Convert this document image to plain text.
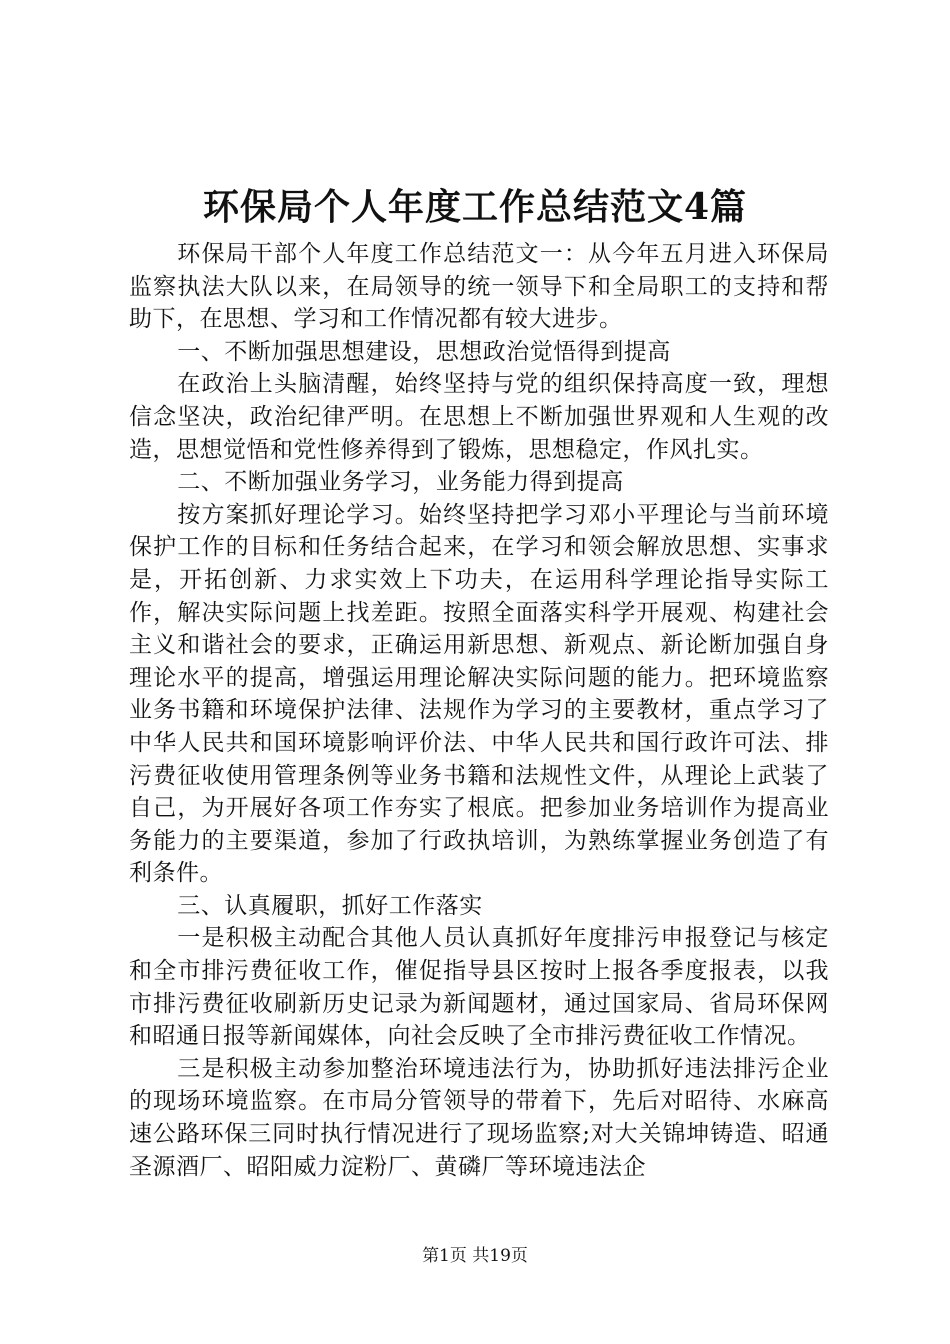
环保局个人年度工作总结范文4篇

环保局干部个人年度工作总结范文一：从今年五月进入环保局监察执法大队以来，在局领导的统一领导下和全局职工的支持和帮助下，在思想、学习和工作情况都有较大进步。

一、不断加强思想建设，思想政治觉悟得到提高

在政治上头脑清醒，始终坚持与党的组织保持高度一致，理想信念坚决，政治纪律严明。在思想上不断加强世界观和人生观的改造，思想觉悟和党性修养得到了锻炼，思想稳定，作风扎实。

二、不断加强业务学习，业务能力得到提高

按方案抓好理论学习。始终坚持把学习邓小平理论与当前环境保护工作的目标和任务结合起来，在学习和领会解放思想、实事求是，开拓创新、力求实效上下功夫，在运用科学理论指导实际工作，解决实际问题上找差距。按照全面落实科学开展观、构建社会主义和谐社会的要求，正确运用新思想、新观点、新论断加强自身理论水平的提高，增强运用理论解决实际问题的能力。把环境监察业务书籍和环境保护法律、法规作为学习的主要教材，重点学习了中华人民共和国环境影响评价法、中华人民共和国行政许可法、排污费征收使用管理条例等业务书籍和法规性文件，从理论上武装了自己，为开展好各项工作夯实了根底。把参加业务培训作为提高业务能力的主要渠道，参加了行政执培训，为熟练掌握业务创造了有利条件。

三、认真履职，抓好工作落实

一是积极主动配合其他人员认真抓好年度排污申报登记与核定和全市排污费征收工作，催促指导县区按时上报各季度报表，以我市排污费征收刷新历史记录为新闻题材，通过国家局、省局环保网和昭通日报等新闻媒体，向社会反映了全市排污费征收工作情况。

三是积极主动参加整治环境违法行为，协助抓好违法排污企业的现场环境监察。在市局分管领导的带着下，先后对昭待、水麻高速公路环保三同时执行情况进行了现场监察;对大关锦坤铸造、昭通圣源酒厂、昭阳威力淀粉厂、黄磷厂等环境违法企

第1页 共19页
